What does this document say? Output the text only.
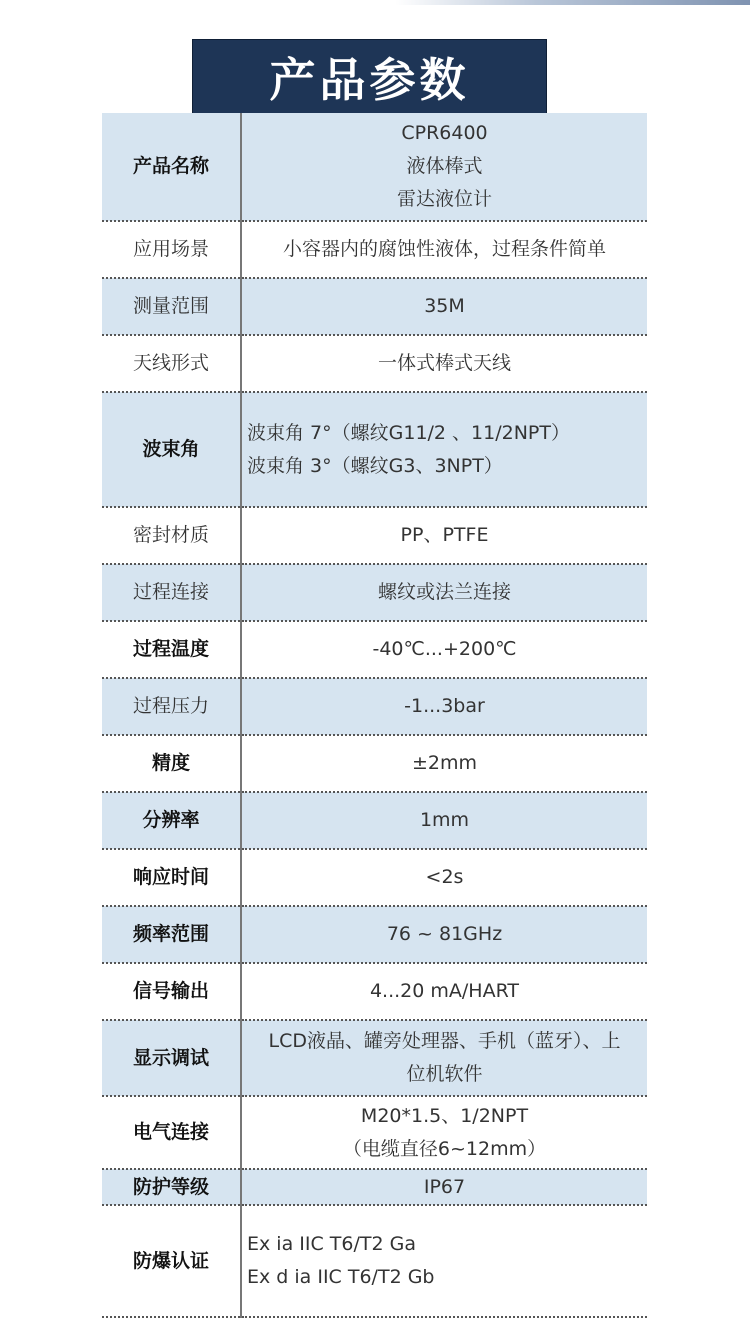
产品参数
产品名称	CPR6400
液体棒式
雷达液位计

应用场景	小容器内的腐蚀性液体，过程条件简单
测量范围	35M
天线形式	一体式棒式天线
波束角	波束角 7°（螺纹G11/2 、11/2NPT）
波束角 3°（螺纹G3、3NPT）

密封材质	PP、PTFE
过程连接	螺纹或法兰连接
过程温度	-40℃...+200℃
过程压力	-1...3bar
精度	±2mm
分辨率	1mm
响应时间	<2s
频率范围	76 ~ 81GHz
信号输出	4...20 mA/HART
显示调试	LCD液晶、罐旁处理器、手机（蓝牙）、上
位机软件

电气连接	M20*1.5、1/2NPT
（电缆直径6~12mm）

防护等级	IP67
防爆认证	Ex ia IIC T6/T2 Ga
Ex d ia IIC T6/T2 Gb
